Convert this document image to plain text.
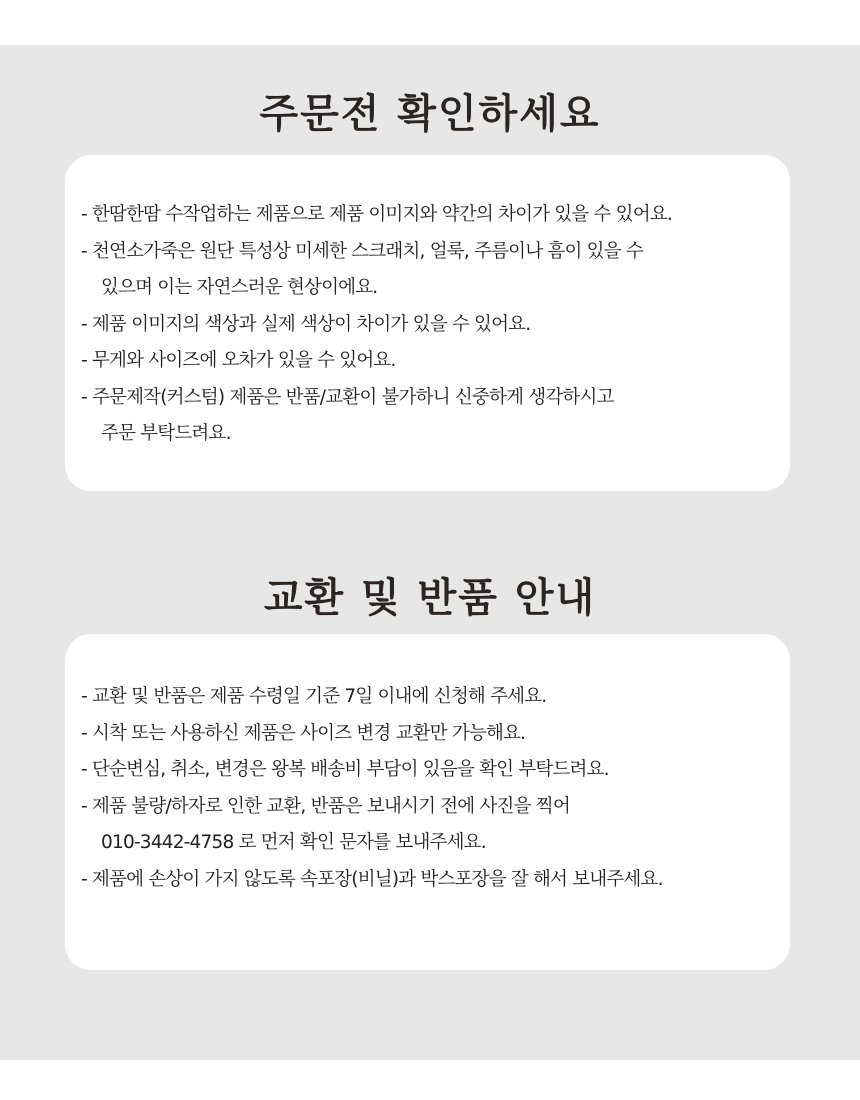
주문전 확인하세요
- 한땀한땀 수작업하는 제품으로 제품 이미지와 약간의 차이가 있을 수 있어요.
- 천연소가죽은 원단 특성상 미세한 스크래치, 얼룩, 주름이나 흠이 있을 수
있으며 이는 자연스러운 현상이에요.
- 제품 이미지의 색상과 실제 색상이 차이가 있을 수 있어요.
- 무게와 사이즈에 오차가 있을 수 있어요.
- 주문제작(커스텀) 제품은 반품/교환이 불가하니 신중하게 생각하시고
주문 부탁드려요.
교환 및 반품 안내
- 교환 및 반품은 제품 수령일 기준 7일 이내에 신청해 주세요.
- 시착 또는 사용하신 제품은 사이즈 변경 교환만 가능해요.
- 단순변심, 취소, 변경은 왕복 배송비 부담이 있음을 확인 부탁드려요.
- 제품 불량/하자로 인한 교환, 반품은 보내시기 전에 사진을 찍어
010-3442-4758 로 먼저 확인 문자를 보내주세요.
- 제품에 손상이 가지 않도록 속포장(비닐)과 박스포장을 잘 해서 보내주세요.
